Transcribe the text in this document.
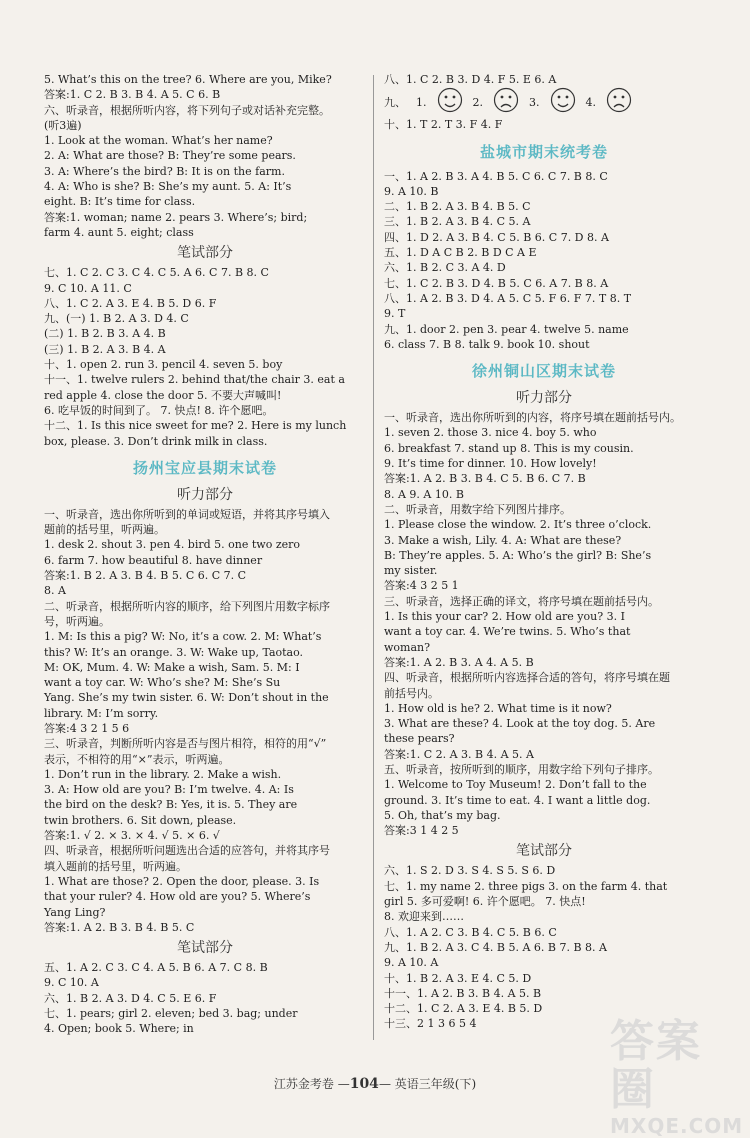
5. What’s this on the tree? 6. Where are you, Mike?
答案:1. C 2. B 3. B 4. A 5. C 6. B
六、听录音，根据所听内容，将下列句子或对话补充完整。
(听3遍)
1. Look at the woman. What’s her name?
2. A: What are those? B: They’re some pears.
3. A: Where’s the bird? B: It is on the farm.
4. A: Who is she? B: She’s my aunt. 5. A: It’s
eight. B: It’s time for class.
答案:1. woman; name 2. pears 3. Where’s; bird;
farm 4. aunt 5. eight; class
笔试部分
七、1. C 2. C 3. C 4. C 5. A 6. C 7. B 8. C
9. C 10. A 11. C
八、1. C 2. A 3. E 4. B 5. D 6. F
九、(一) 1. B 2. A 3. D 4. C
(二) 1. B 2. B 3. A 4. B
(三) 1. B 2. A 3. B 4. A
十、1. open 2. run 3. pencil 4. seven 5. boy
十一、1. twelve rulers 2. behind that/the chair 3. eat a
red apple 4. close the door 5. 不要大声喊叫!
6. 吃早饭的时间到了。 7. 快点! 8. 许个愿吧。
十二、1. Is this nice sweet for me? 2. Here is my lunch
box, please. 3. Don’t drink milk in class.
扬州宝应县期末试卷
听力部分
一、听录音，选出你所听到的单词或短语，并将其序号填入
题前的括号里，听两遍。
1. desk 2. shout 3. pen 4. bird 5. one two zero
6. farm 7. how beautiful 8. have dinner
答案:1. B 2. A 3. B 4. B 5. C 6. C 7. C
8. A
二、听录音，根据所听内容的顺序，给下列图片用数字标序
号，听两遍。
1. M: Is this a pig? W: No, it’s a cow. 2. M: What’s
this? W: It’s an orange. 3. W: Wake up, Taotao.
M: OK, Mum. 4. W: Make a wish, Sam. 5. M: I
want a toy car. W: Who’s she? M: She’s Su
Yang. She’s my twin sister. 6. W: Don’t shout in the
library. M: I’m sorry.
答案:4 3 2 1 5 6
三、听录音，判断所听内容是否与图片相符，相符的用“√”
表示，不相符的用“×”表示，听两遍。
1. Don’t run in the library. 2. Make a wish.
3. A: How old are you? B: I’m twelve. 4. A: Is
the bird on the desk? B: Yes, it is. 5. They are
twin brothers. 6. Sit down, please.
答案:1. √ 2. × 3. × 4. √ 5. × 6. √
四、听录音，根据所听问题选出合适的应答句，并将其序号
填入题前的括号里，听两遍。
1. What are those? 2. Open the door, please. 3. Is
that your ruler? 4. How old are you? 5. Where’s
Yang Ling?
答案:1. A 2. B 3. B 4. B 5. C
笔试部分
五、1. A 2. C 3. C 4. A 5. B 6. A 7. C 8. B
9. C 10. A
六、1. B 2. A 3. D 4. C 5. E 6. F
七、1. pears; girl 2. eleven; bed 3. bag; under
4. Open; book 5. Where; in
八、1. C 2. B 3. D 4. F 5. E 6. A
九、 1.	2.	3.	4.
十、1. T 2. T 3. F 4. F
盐城市期末统考卷
一、1. A 2. B 3. A 4. B 5. C 6. C 7. B 8. C
9. A 10. B
二、1. B 2. A 3. B 4. B 5. C
三、1. B 2. A 3. B 4. C 5. A
四、1. D 2. A 3. B 4. C 5. B 6. C 7. D 8. A
五、1. D A C B 2. B D C A E
六、1. B 2. C 3. A 4. D
七、1. C 2. B 3. D 4. B 5. C 6. A 7. B 8. A
八、1. A 2. B 3. D 4. A 5. C 5. F 6. F 7. T 8. T
9. T
九、1. door 2. pen 3. pear 4. twelve 5. name
6. class 7. B 8. talk 9. book 10. shout
徐州铜山区期末试卷
听力部分
一、听录音，选出你所听到的内容，将序号填在题前括号内。
1. seven 2. those 3. nice 4. boy 5. who
6. breakfast 7. stand up 8. This is my cousin.
9. It’s time for dinner. 10. How lovely!
答案:1. A 2. B 3. B 4. C 5. B 6. C 7. B
8. A 9. A 10. B
二、听录音，用数字给下列图片排序。
1. Please close the window. 2. It’s three o’clock.
3. Make a wish, Lily. 4. A: What are these?
B: They’re apples. 5. A: Who’s the girl? B: She’s
my sister.
答案:4 3 2 5 1
三、听录音，选择正确的译文，将序号填在题前括号内。
1. Is this your car? 2. How old are you? 3. I
want a toy car. 4. We’re twins. 5. Who’s that
woman?
答案:1. A 2. B 3. A 4. A 5. B
四、听录音，根据所听内容选择合适的答句，将序号填在题
前括号内。
1. How old is he? 2. What time is it now?
3. What are these? 4. Look at the toy dog. 5. Are
these pears?
答案:1. C 2. A 3. B 4. A 5. A
五、听录音，按所听到的顺序，用数字给下列句子排序。
1. Welcome to Toy Museum! 2. Don’t fall to the
ground. 3. It’s time to eat. 4. I want a little dog.
5. Oh, that’s my bag.
答案:3 1 4 2 5
笔试部分
六、1. S 2. D 3. S 4. S 5. S 6. D
七、1. my name 2. three pigs 3. on the farm 4. that
girl 5. 多可爱啊! 6. 许个愿吧。 7. 快点!
8. 欢迎来到……
八、1. A 2. C 3. B 4. C 5. B 6. C
九、1. B 2. A 3. C 4. B 5. A 6. B 7. B 8. A
9. A 10. A
十、1. B 2. A 3. E 4. C 5. D
十一、1. A 2. B 3. B 4. A 5. B
十二、1. C 2. A 3. E 4. B 5. D
十三、2 1 3 6 5 4
江苏金考卷 —104— 英语三年级(下)
答案圈
MXQE.COM
